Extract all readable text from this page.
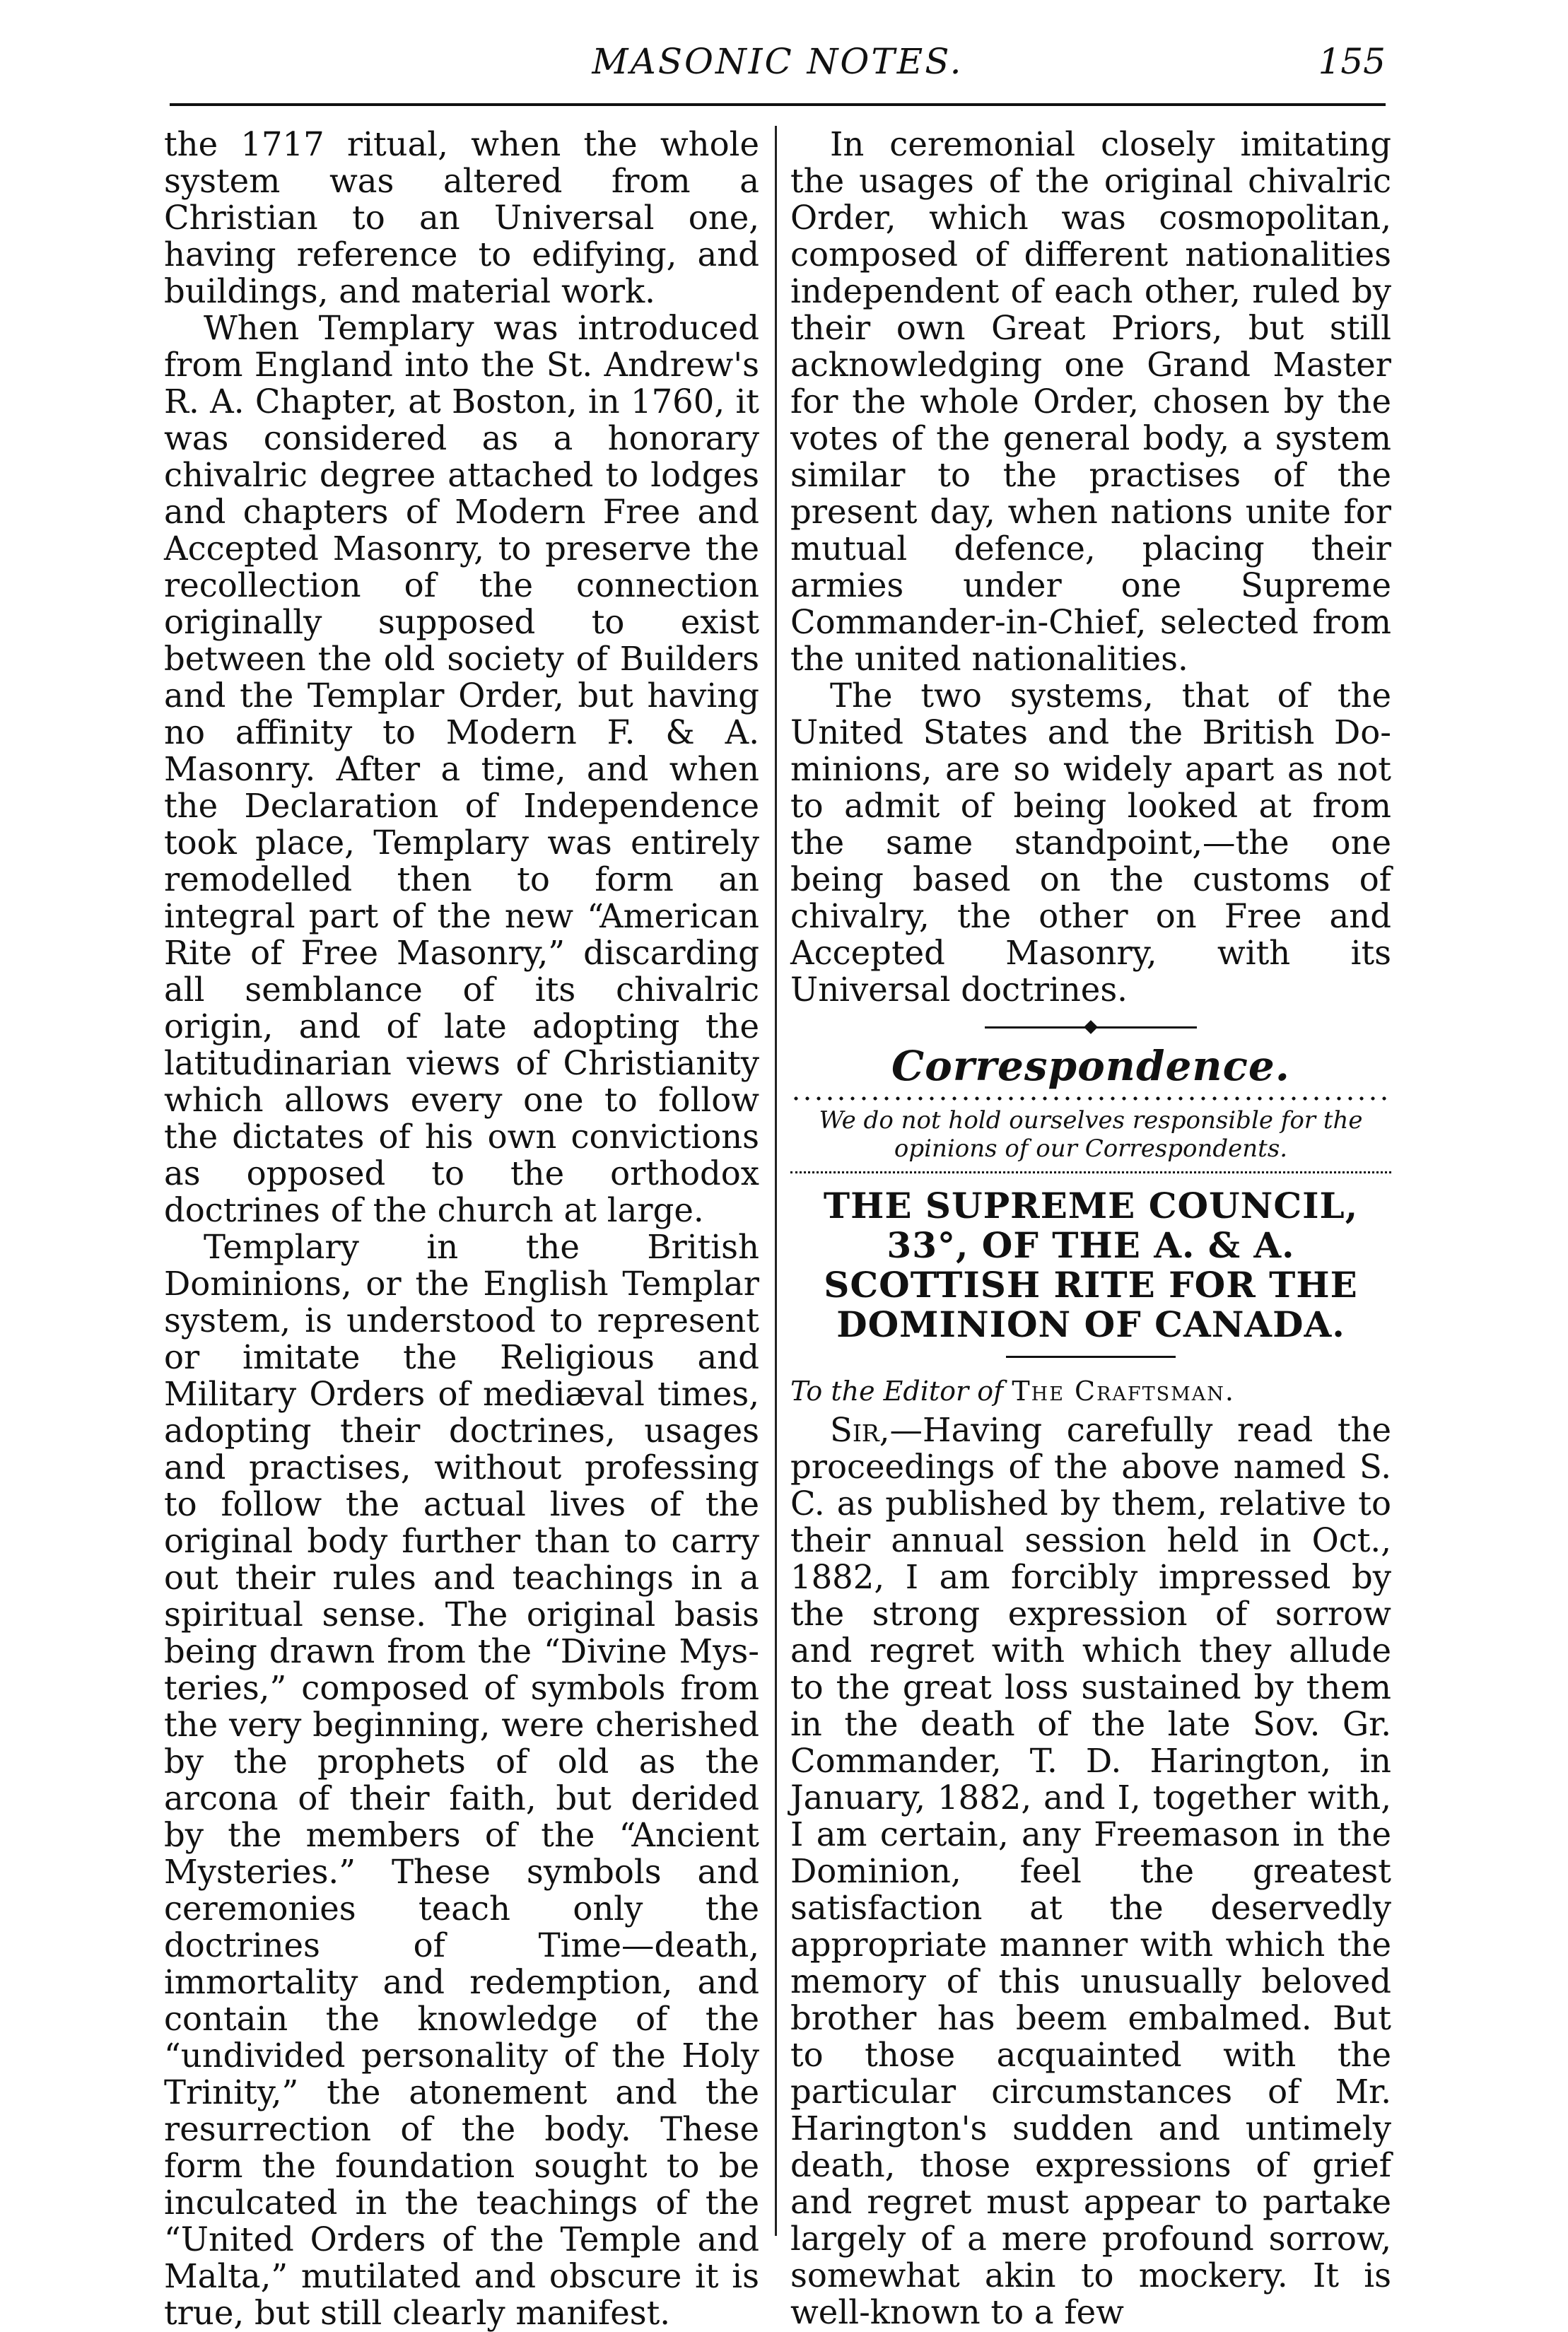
MASONIC NOTES.	155

the 1717 ritual, when the whole system was altered from a Christian to an Universal one, having reference to edifying, and buildings, and material work.

When Templary was introduced from England into the St. Andrew's R. A. Chapter, at Boston, in 1760, it was considered as a honorary chivalric degree attached to lodges and chapters of Modern Free and Accepted Masonry, to preserve the recollection of the connection originally supposed to exist between the old society of Builders and the Templar Order, but having no affinity to Modern F. & A. Masonry. After a time, and when the Declaration of Independence took place, Templary was entirely remodelled then to form an integral part of the new “American Rite of Free Masonry,” discarding all semblance of its chivalric origin, and of late adopting the latitudinarian views of Christianity which allows every one to follow the dictates of his own convictions as opposed to the orthodox doctrines of the church at large.

Templary in the British Dominions, or the English Templar system, is understood to represent or imitate the Religious and Military Orders of mediæval times, adopting their doctrines, usages and practises, without professing to follow the actual lives of the original body further than to carry out their rules and teachings in a spiritual sense. The original basis being drawn from the “Divine Mysteries,” composed of symbols from the very beginning, were cherished by the prophets of old as the arcona of their faith, but derided by the members of the “Ancient Mysteries.” These symbols and ceremonies teach only the doctrines of Time—death, immortality and redemption, and contain the knowledge of the “undivided personality of the Holy Trinity,” the atonement and the resurrection of the body. These form the foundation sought to be inculcated in the teachings of the “United Orders of the Temple and Malta,” mutilated and obscure it is true, but still clearly manifest.

In ceremonial closely imitating the usages of the original chivalric Order, which was cosmopolitan, composed of different nationalities independent of each other, ruled by their own Great Priors, but still acknowledging one Grand Master for the whole Order, chosen by the votes of the general body, a system similar to the practises of the present day, when nations unite for mutual defence, placing their armies under one Supreme Commander-in-Chief, selected from the united nationalities.

The two systems, that of the United States and the British Dominions, are so widely apart as not to admit of being looked at from the same standpoint,—the one being based on the customs of chivalry, the other on Free and Accepted Masonry, with its Universal doctrines.

Correspondence.
We do not hold ourselves responsible for the opinions of our Correspondents.
THE SUPREME COUNCIL, 33°, OF THE A. & A. SCOTTISH RITE FOR THE DOMINION OF CANADA.
To the Editor of The Craftsman.

Sir,—Having carefully read the proceedings of the above named S. C. as published by them, relative to their annual session held in Oct., 1882, I am forcibly impressed by the strong expression of sorrow and regret with which they allude to the great loss sustained by them in the death of the late Sov. Gr. Commander, T. D. Harington, in January, 1882, and I, together with, I am certain, any Freemason in the Dominion, feel the greatest satisfaction at the deservedly appropriate manner with which the memory of this unusually beloved brother has beem embalmed. But to those acquainted with the particular circumstances of Mr. Harington's sudden and untimely death, those expressions of grief and regret must appear to partake largely of a mere profound sorrow, somewhat akin to mockery. It is well-known to a few
